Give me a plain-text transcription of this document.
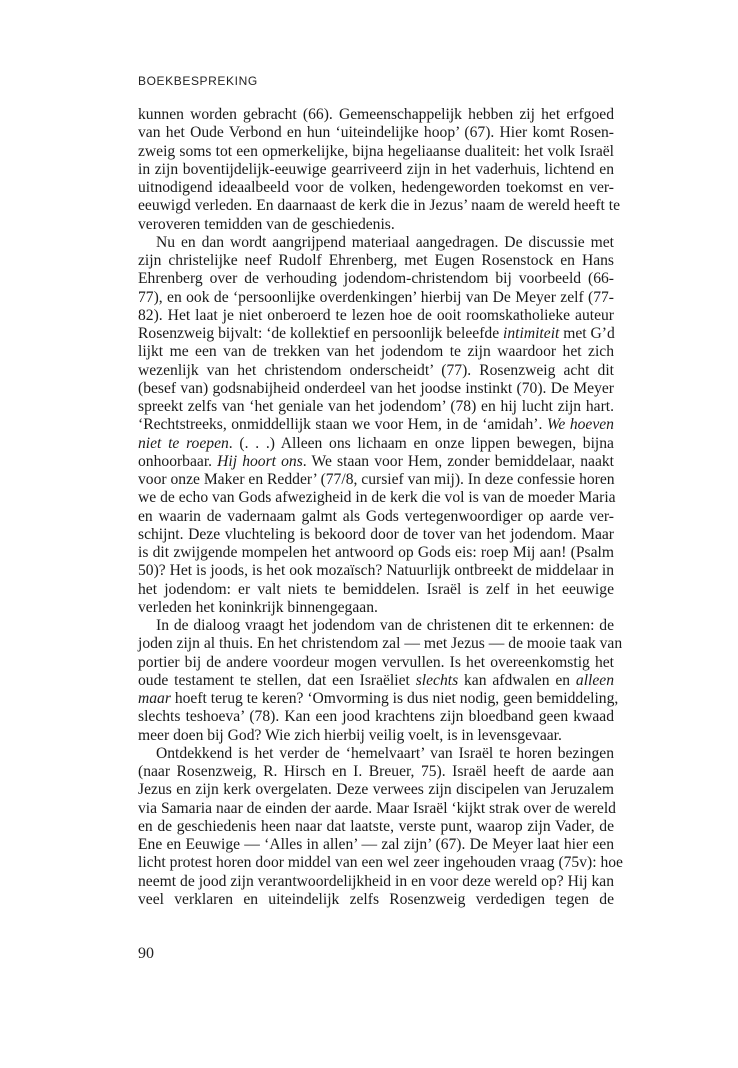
BOEKBESPREKING
kunnen worden gebracht (66). Gemeenschappelijk hebben zij het erfgoed
van het Oude Verbond en hun ‘uiteindelijke hoop’ (67). Hier komt Rosen-
zweig soms tot een opmerkelijke, bijna hegeliaanse dualiteit: het volk Israël
in zijn boventijdelijk-eeuwige gearriveerd zijn in het vaderhuis, lichtend en
uitnodigend ideaalbeeld voor de volken, hedengeworden toekomst en ver-
eeuwigd verleden. En daarnaast de kerk die in Jezus’ naam de wereld heeft te
veroveren temidden van de geschiedenis.
Nu en dan wordt aangrijpend materiaal aangedragen. De discussie met
zijn christelijke neef Rudolf Ehrenberg, met Eugen Rosenstock en Hans
Ehrenberg over de verhouding jodendom-christendom bij voorbeeld (66-
77), en ook de ‘persoonlijke overdenkingen’ hierbij van De Meyer zelf (77-
82). Het laat je niet onberoerd te lezen hoe de ooit roomskatholieke auteur
Rosenzweig bijvalt: ‘de kollektief en persoonlijk beleefde intimiteit met G’d
lijkt me een van de trekken van het jodendom te zijn waardoor het zich
wezenlijk van het christendom onderscheidt’ (77). Rosenzweig acht dit
(besef van) godsnabijheid onderdeel van het joodse instinkt (70). De Meyer
spreekt zelfs van ‘het geniale van het jodendom’ (78) en hij lucht zijn hart.
‘Rechtstreeks, onmiddellijk staan we voor Hem, in de ‘amidah’. We hoeven
niet te roepen. (. . .) Alleen ons lichaam en onze lippen bewegen, bijna
onhoorbaar. Hij hoort ons. We staan voor Hem, zonder bemiddelaar, naakt
voor onze Maker en Redder’ (77/8, cursief van mij). In deze confessie horen
we de echo van Gods afwezigheid in de kerk die vol is van de moeder Maria
en waarin de vadernaam galmt als Gods vertegenwoordiger op aarde ver-
schijnt. Deze vluchteling is bekoord door de tover van het jodendom. Maar
is dit zwijgende mompelen het antwoord op Gods eis: roep Mij aan! (Psalm
50)? Het is joods, is het ook mozaïsch? Natuurlijk ontbreekt de middelaar in
het jodendom: er valt niets te bemiddelen. Israël is zelf in het eeuwige
verleden het koninkrijk binnengegaan.
In de dialoog vraagt het jodendom van de christenen dit te erkennen: de
joden zijn al thuis. En het christendom zal — met Jezus — de mooie taak van
portier bij de andere voordeur mogen vervullen. Is het overeenkomstig het
oude testament te stellen, dat een Israëliet slechts kan afdwalen en alleen
maar hoeft terug te keren? ‘Omvorming is dus niet nodig, geen bemiddeling,
slechts teshoeva’ (78). Kan een jood krachtens zijn bloedband geen kwaad
meer doen bij God? Wie zich hierbij veilig voelt, is in levensgevaar.
Ontdekkend is het verder de ‘hemelvaart’ van Israël te horen bezingen
(naar Rosenzweig, R. Hirsch en I. Breuer, 75). Israël heeft de aarde aan
Jezus en zijn kerk overgelaten. Deze verwees zijn discipelen van Jeruzalem
via Samaria naar de einden der aarde. Maar Israël ‘kijkt strak over de wereld
en de geschiedenis heen naar dat laatste, verste punt, waarop zijn Vader, de
Ene en Eeuwige — ‘Alles in allen’ — zal zijn’ (67). De Meyer laat hier een
licht protest horen door middel van een wel zeer ingehouden vraag (75v): hoe
neemt de jood zijn verantwoordelijkheid in en voor deze wereld op? Hij kan
veel verklaren en uiteindelijk zelfs Rosenzweig verdedigen tegen de
90
